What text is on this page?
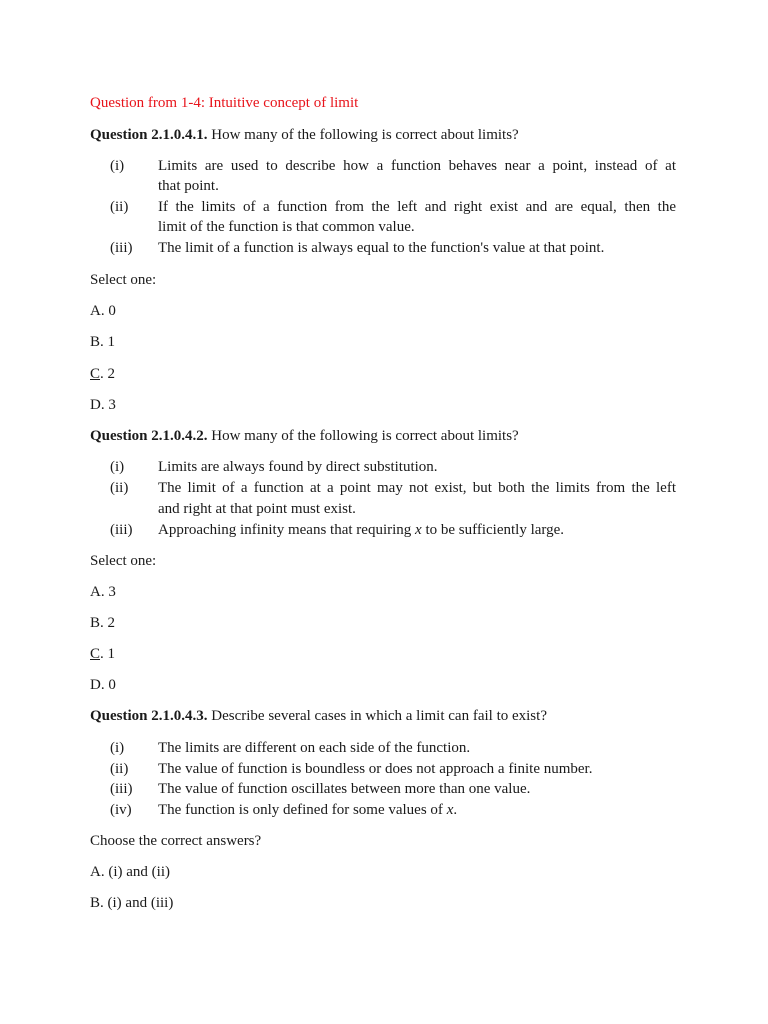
Question from 1-4: Intuitive concept of limit
Question 2.1.0.4.1. How many of the following is correct about limits?
(i) Limits are used to describe how a function behaves near a point, instead of at
that point.
(ii) If the limits of a function from the left and right exist and are equal, then the
limit of the function is that common value.
(iii) The limit of a function is always equal to the function's value at that point.
Select one:
A. 0
B. 1
C. 2
D. 3
Question 2.1.0.4.2. How many of the following is correct about limits?
(i) Limits are always found by direct substitution.
(ii) The limit of a function at a point may not exist, but both the limits from the left
and right at that point must exist.
(iii) Approaching infinity means that requiring x to be sufficiently large.
Select one:
A. 3
B. 2
C. 1
D. 0
Question 2.1.0.4.3. Describe several cases in which a limit can fail to exist?
(i) The limits are different on each side of the function.
(ii) The value of function is boundless or does not approach a finite number.
(iii) The value of function oscillates between more than one value.
(iv) The function is only defined for some values of x.
Choose the correct answers?
A. (i) and (ii)
B. (i) and (iii)
